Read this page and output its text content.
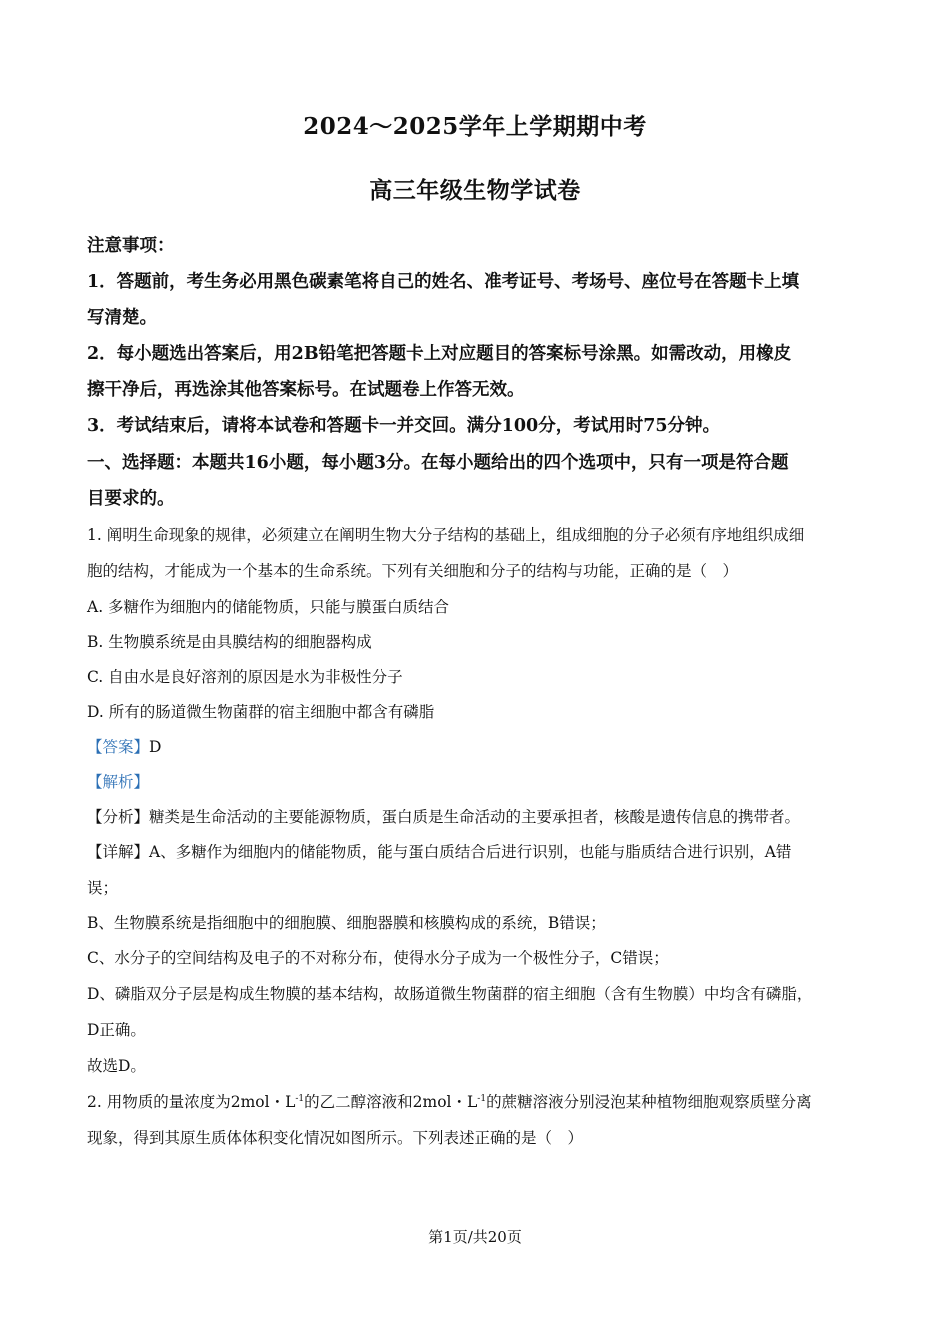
2024～2025学年上学期期中考
高三年级生物学试卷
注意事项：
1．答题前，考生务必用黑色碳素笔将自己的姓名、准考证号、考场号、座位号在答题卡上填
写清楚。
2．每小题选出答案后，用2B铅笔把答题卡上对应题目的答案标号涂黑。如需改动，用橡皮
擦干净后，再选涂其他答案标号。在试题卷上作答无效。
3．考试结束后，请将本试卷和答题卡一并交回。满分100分，考试用时75分钟。
一、选择题：本题共16小题，每小题3分。在每小题给出的四个选项中，只有一项是符合题
目要求的。
1. 阐明生命现象的规律，必须建立在阐明生物大分子结构的基础上，组成细胞的分子必须有序地组织成细
胞的结构，才能成为一个基本的生命系统。下列有关细胞和分子的结构与功能，正确的是（　）
A. 多糖作为细胞内的储能物质，只能与膜蛋白质结合
B. 生物膜系统是由具膜结构的细胞器构成
C. 自由水是良好溶剂的原因是水为非极性分子
D. 所有的肠道微生物菌群的宿主细胞中都含有磷脂
【答案】D
【解析】
【分析】糖类是生命活动的主要能源物质，蛋白质是生命活动的主要承担者，核酸是遗传信息的携带者。
【详解】A、多糖作为细胞内的储能物质，能与蛋白质结合后进行识别，也能与脂质结合进行识别，A错
误；
B、生物膜系统是指细胞中的细胞膜、细胞器膜和核膜构成的系统，B错误；
C、水分子的空间结构及电子的不对称分布，使得水分子成为一个极性分子，C错误；
D、磷脂双分子层是构成生物膜的基本结构，故肠道微生物菌群的宿主细胞（含有生物膜）中均含有磷脂，
D正确。
故选D。
2. 用物质的量浓度为2mol・$L^{-1}$的乙二醇溶液和2mol・$L^{-1}$的蔗糖溶液分别浸泡某种植物细胞观察质壁分离
现象，得到其原生质体体积变化情况如图所示。下列表述正确的是（　）
第1页/共20页
